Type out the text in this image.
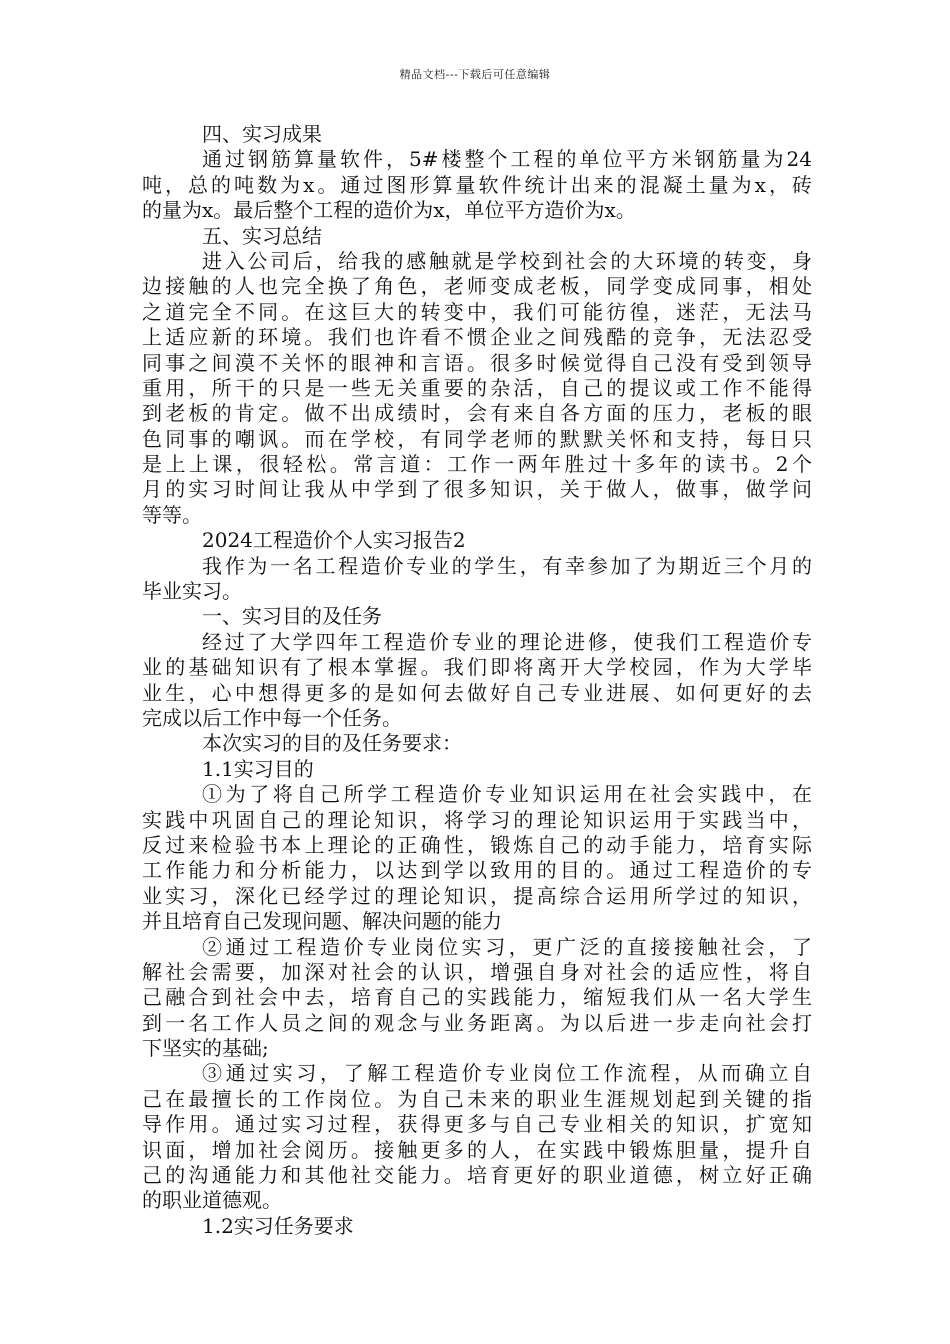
精品文档---下载后可任意编辑
四、实习成果
通过钢筋算量软件，5#楼整个工程的单位平方米钢筋量为24
吨，总的吨数为x。通过图形算量软件统计出来的混凝土量为x，砖
的量为x。最后整个工程的造价为x，单位平方造价为x。
五、实习总结
进入公司后，给我的感触就是学校到社会的大环境的转变，身
边接触的人也完全换了角色，老师变成老板，同学变成同事，相处
之道完全不同。在这巨大的转变中，我们可能彷徨，迷茫，无法马
上适应新的环境。我们也许看不惯企业之间残酷的竞争，无法忍受
同事之间漠不关怀的眼神和言语。很多时候觉得自己没有受到领导
重用，所干的只是一些无关重要的杂活，自己的提议或工作不能得
到老板的肯定。做不出成绩时，会有来自各方面的压力，老板的眼
色同事的嘲讽。而在学校，有同学老师的默默关怀和支持，每日只
是上上课，很轻松。常言道：工作一两年胜过十多年的读书。2个
月的实习时间让我从中学到了很多知识，关于做人，做事，做学问
等等。
2024工程造价个人实习报告2
我作为一名工程造价专业的学生，有幸参加了为期近三个月的
毕业实习。
一、实习目的及任务
经过了大学四年工程造价专业的理论进修，使我们工程造价专
业的基础知识有了根本掌握。我们即将离开大学校园，作为大学毕
业生，心中想得更多的是如何去做好自己专业进展、如何更好的去
完成以后工作中每一个任务。
本次实习的目的及任务要求：
1.1实习目的
①为了将自己所学工程造价专业知识运用在社会实践中，在
实践中巩固自己的理论知识，将学习的理论知识运用于实践当中，
反过来检验书本上理论的正确性，锻炼自己的动手能力，培育实际
工作能力和分析能力，以达到学以致用的目的。通过工程造价的专
业实习，深化已经学过的理论知识，提高综合运用所学过的知识，
并且培育自己发现问题、解决问题的能力
②通过工程造价专业岗位实习，更广泛的直接接触社会，了
解社会需要，加深对社会的认识，增强自身对社会的适应性，将自
己融合到社会中去，培育自己的实践能力，缩短我们从一名大学生
到一名工作人员之间的观念与业务距离。为以后进一步走向社会打
下坚实的基础;
③通过实习，了解工程造价专业岗位工作流程，从而确立自
己在最擅长的工作岗位。为自己未来的职业生涯规划起到关键的指
导作用。通过实习过程，获得更多与自己专业相关的知识，扩宽知
识面，增加社会阅历。接触更多的人，在实践中锻炼胆量，提升自
己的沟通能力和其他社交能力。培育更好的职业道德，树立好正确
的职业道德观。
1.2实习任务要求
